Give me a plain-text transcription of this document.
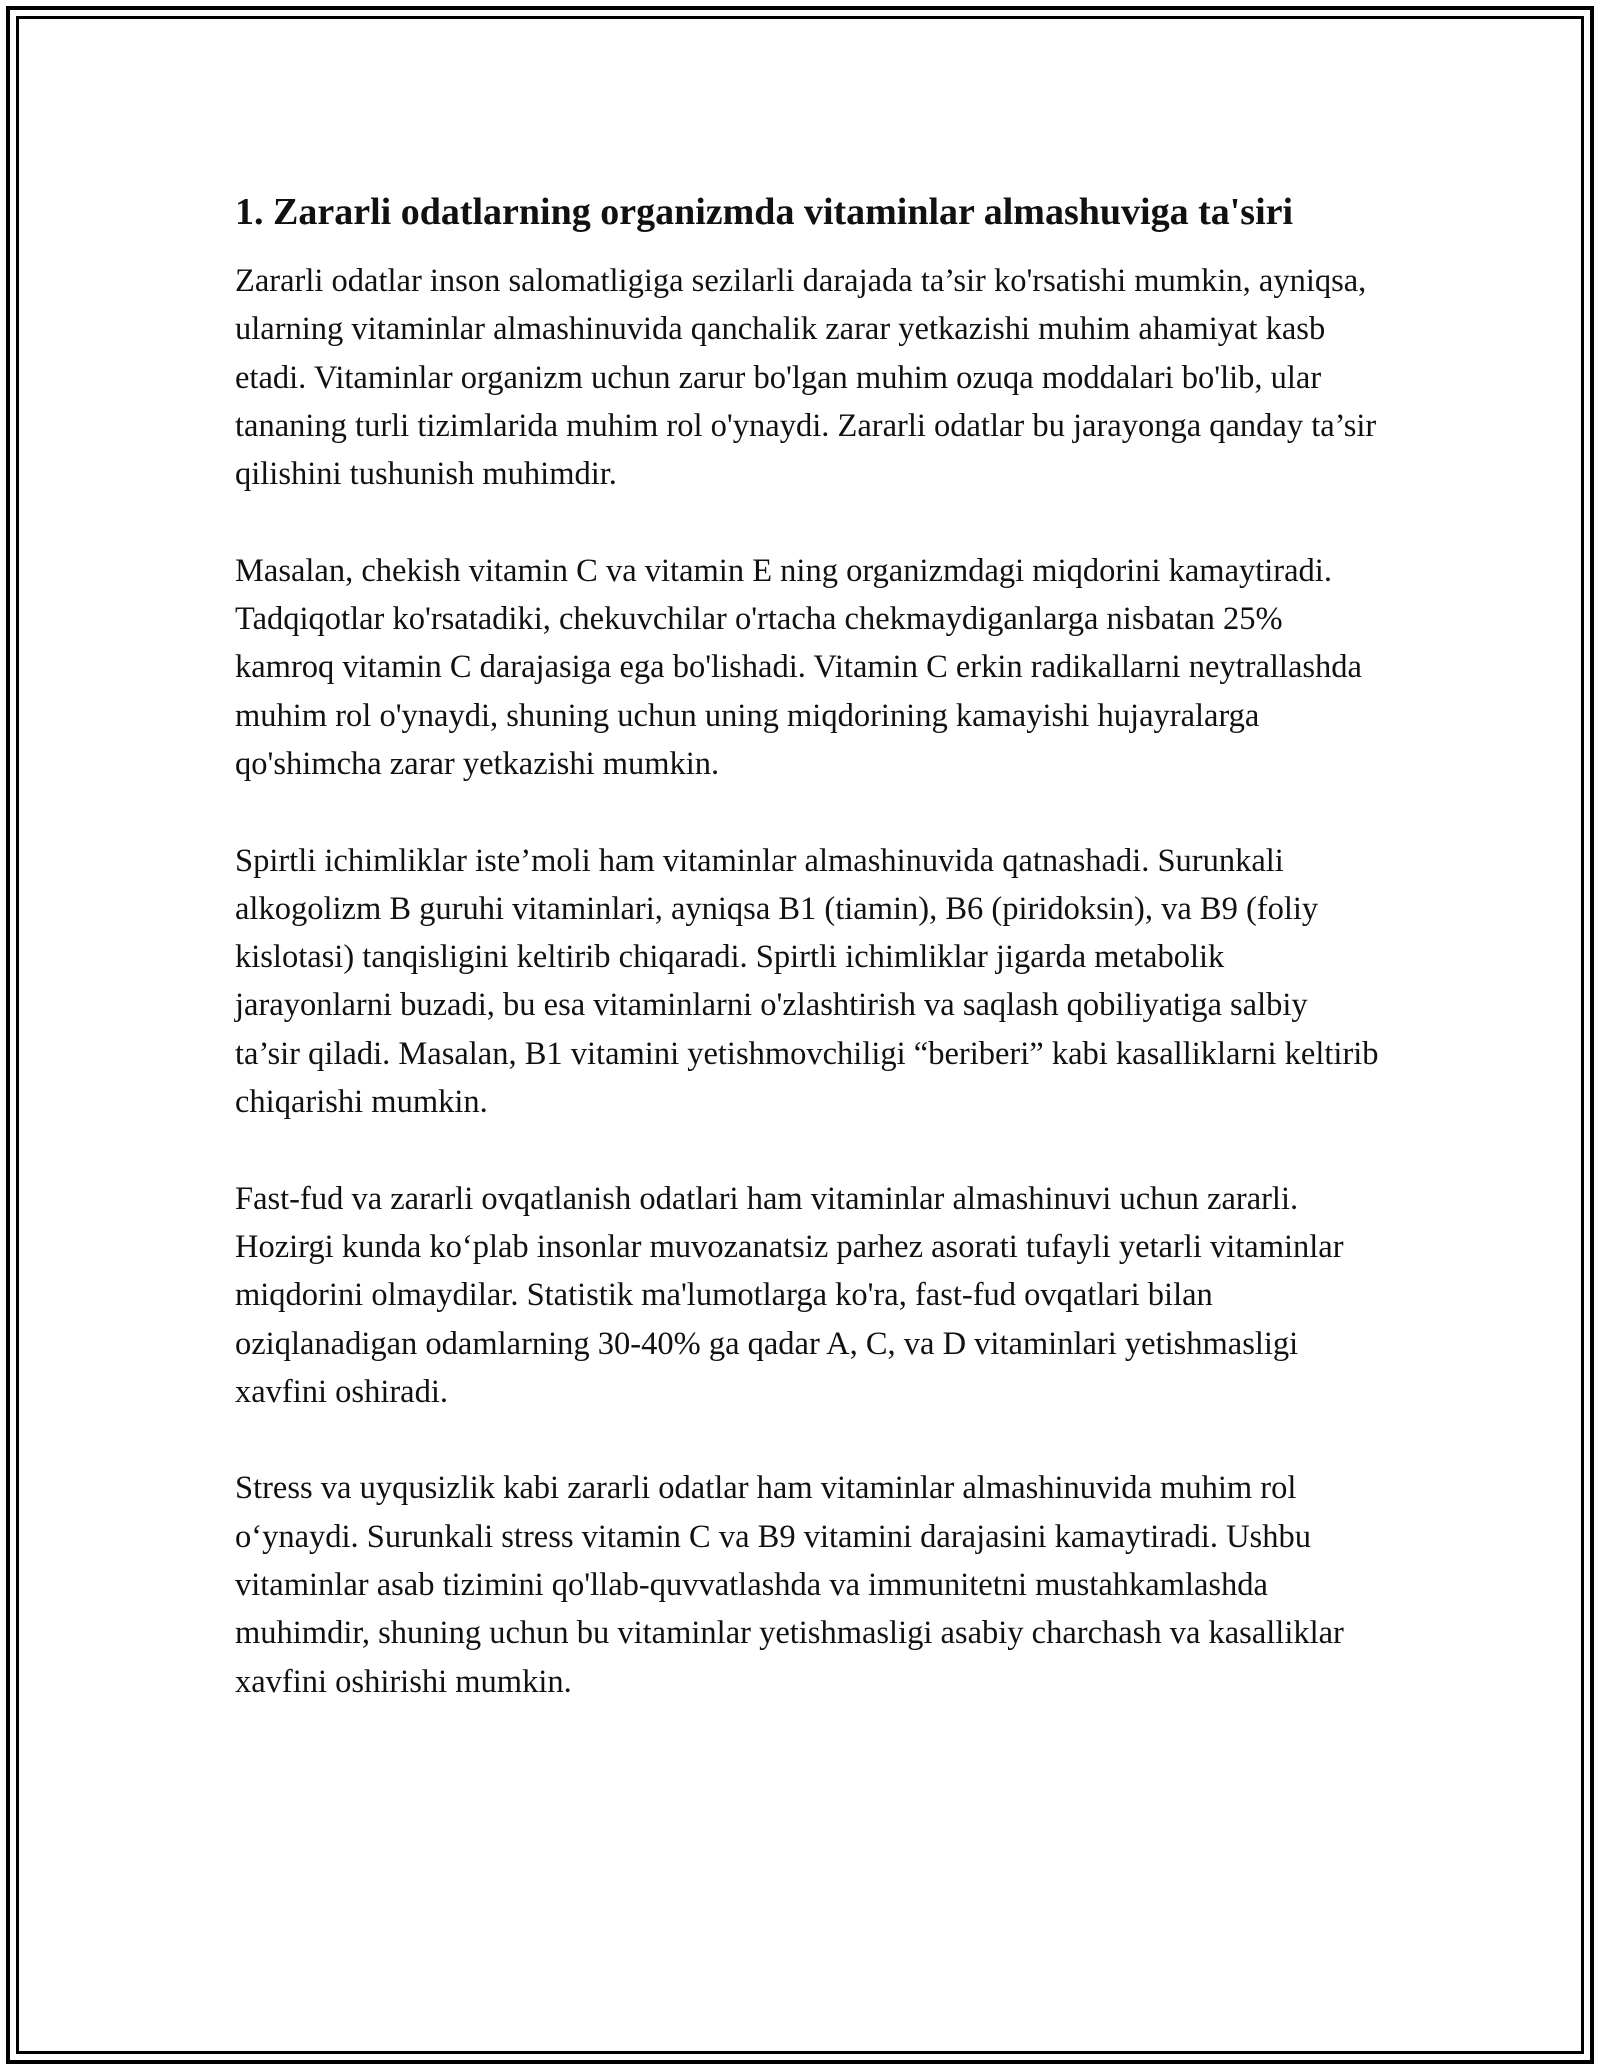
1. Zararli odatlarning organizmda vitaminlar almashuviga ta'siri

Zararli odatlar inson salomatligiga sezilarli darajada ta’sir ko'rsatishi mumkin, ayniqsa, ularning vitaminlar almashinuvida qanchalik zarar yetkazishi muhim ahamiyat kasb etadi. Vitaminlar organizm uchun zarur bo'lgan muhim ozuqa moddalari bo'lib, ular tananing turli tizimlarida muhim rol o'ynaydi. Zararli odatlar bu jarayonga qanday ta’sir qilishini tushunish muhimdir.

Masalan, chekish vitamin C va vitamin E ning organizmdagi miqdorini kamaytiradi. Tadqiqotlar ko'rsatadiki, chekuvchilar o'rtacha chekmaydiganlarga nisbatan 25% kamroq vitamin C darajasiga ega bo'lishadi. Vitamin C erkin radikallarni neytrallashda muhim rol o'ynaydi, shuning uchun uning miqdorining kamayishi hujayralarga qo'shimcha zarar yetkazishi mumkin.

Spirtli ichimliklar iste’moli ham vitaminlar almashinuvida qatnashadi. Surunkali alkogolizm B guruhi vitaminlari, ayniqsa B1 (tiamin), B6 (piridoksin), va B9 (foliy kislotasi) tanqisligini keltirib chiqaradi. Spirtli ichimliklar jigarda metabolik jarayonlarni buzadi, bu esa vitaminlarni o'zlashtirish va saqlash qobiliyatiga salbiy ta’sir qiladi. Masalan, B1 vitamini yetishmovchiligi “beriberi” kabi kasalliklarni keltirib chiqarishi mumkin.

Fast-fud va zararli ovqatlanish odatlari ham vitaminlar almashinuvi uchun zararli. Hozirgi kunda ko‘plab insonlar muvozanatsiz parhez asorati tufayli yetarli vitaminlar miqdorini olmaydilar. Statistik ma'lumotlarga ko'ra, fast-fud ovqatlari bilan oziqlanadigan odamlarning 30-40% ga qadar A, C, va D vitaminlari yetishmasligi xavfini oshiradi.

Stress va uyqusizlik kabi zararli odatlar ham vitaminlar almashinuvida muhim rol o‘ynaydi. Surunkali stress vitamin C va B9 vitamini darajasini kamaytiradi. Ushbu vitaminlar asab tizimini qo'llab-quvvatlashda va immunitetni mustahkamlashda muhimdir, shuning uchun bu vitaminlar yetishmasligi asabiy charchash va kasalliklar xavfini oshirishi mumkin.
